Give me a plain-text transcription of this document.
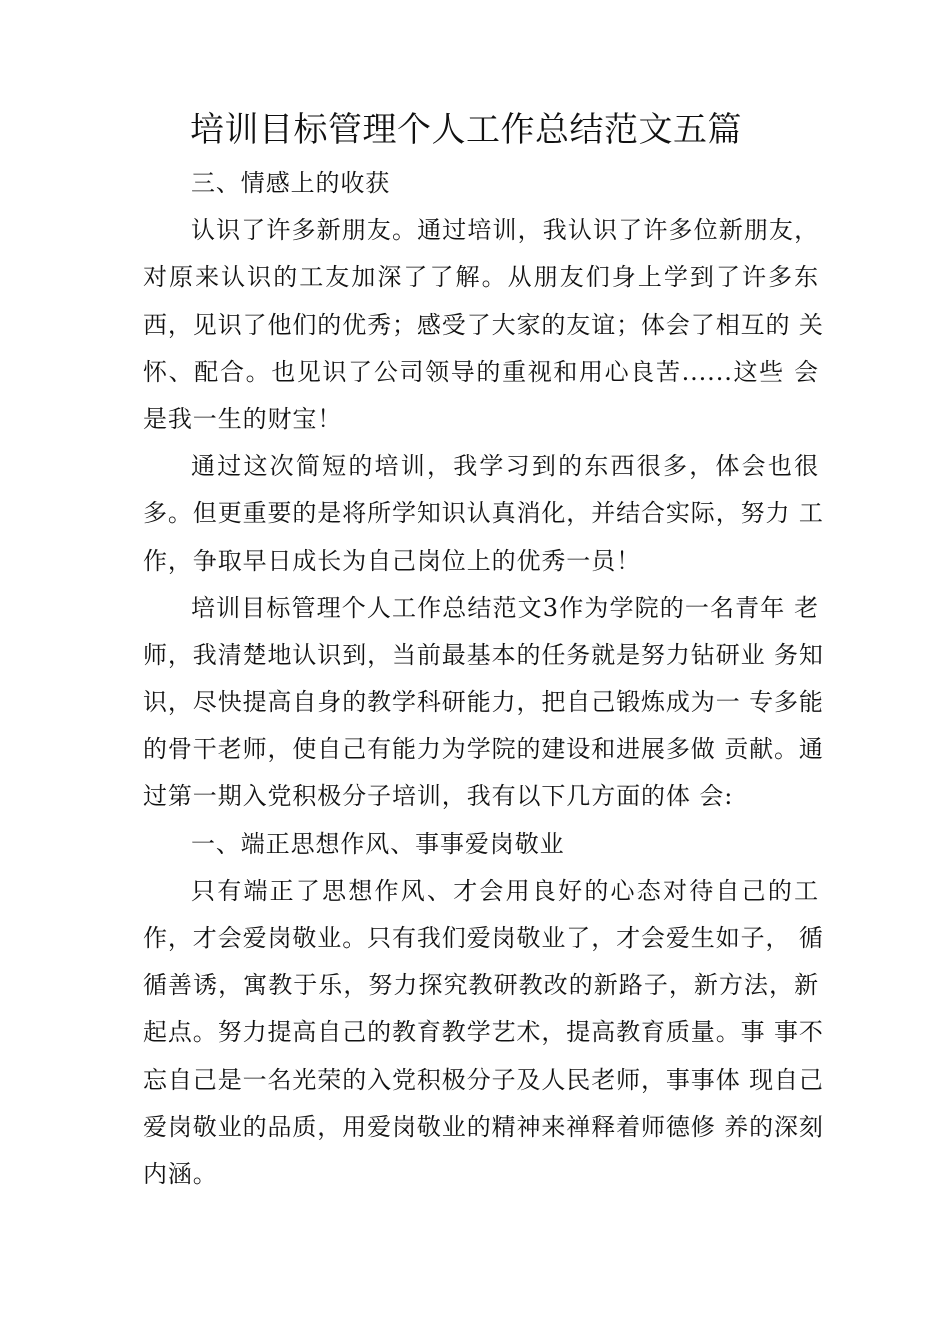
培训目标管理个人工作总结范文五篇
三、情感上的收获
认识了许多新朋友。通过培训，我认识了许多位新朋友，
对原来认识的工友加深了了解。从朋友们身上学到了许多东
西，见识了他们的优秀；感受了大家的友谊；体会了相互的 关
怀、配合。也见识了公司领导的重视和用心良苦......这些 会
是我一生的财宝！
通过这次简短的培训，我学习到的东西很多，体会也很
多。但更重要的是将所学知识认真消化，并结合实际，努力 工
作，争取早日成长为自己岗位上的优秀一员！
培训目标管理个人工作总结范文3作为学院的一名青年 老
师，我清楚地认识到，当前最基本的任务就是努力钻研业 务知
识，尽快提高自身的教学科研能力，把自己锻炼成为一 专多能
的骨干老师，使自己有能力为学院的建设和进展多做 贡献。通
过第一期入党积极分子培训，我有以下几方面的体 会:
一、端正思想作风、事事爱岗敬业
只有端正了思想作风、才会用良好的心态对待自己的工
作，才会爱岗敬业。只有我们爱岗敬业了，才会爱生如子， 循
循善诱，寓教于乐，努力探究教研教改的新路子，新方法，新
起点。努力提高自己的教育教学艺术，提高教育质量。事 事不
忘自己是一名光荣的入党积极分子及人民老师，事事体 现自己
爱岗敬业的品质，用爱岗敬业的精神来禅释着师德修 养的深刻
内涵。
